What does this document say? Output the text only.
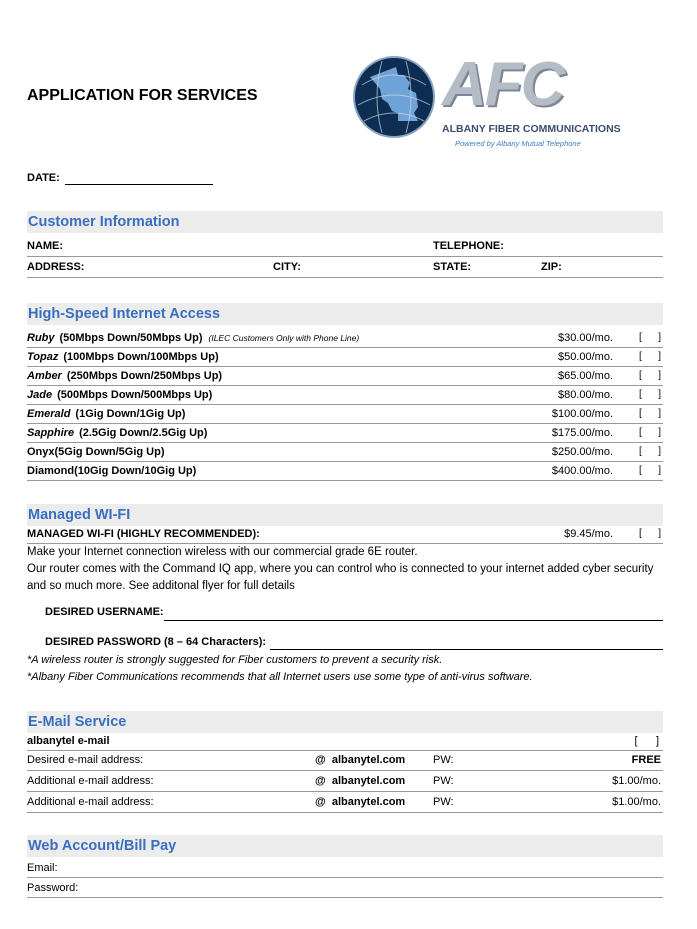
APPLICATION FOR SERVICES	AFC
ALBANY FIBER COMMUNICATIONS
Powered by Albany Mutual Telephone
DATE:
Customer Information
NAME:	TELEPHONE:
ADDRESS:	CITY:	STATE:	ZIP:
High-Speed Internet Access
Ruby (50Mbps Down/50Mbps Up) (ILEC Customers Only with Phone Line)	$30.00/mo.	[ ]
Topaz (100Mbps Down/100Mbps Up)	$50.00/mo.	[ ]
Amber (250Mbps Down/250Mbps Up)	$65.00/mo.	[ ]
Jade (500Mbps Down/500Mbps Up)	$80.00/mo.	[ ]
Emerald (1Gig Down/1Gig Up)	$100.00/mo.	[ ]
Sapphire (2.5Gig Down/2.5Gig Up)	$175.00/mo.	[ ]
Onyx(5Gig Down/5Gig Up)	$250.00/mo.	[ ]
Diamond(10Gig Down/10Gig Up)	$400.00/mo.	[ ]
Managed WI-FI
MANAGED WI-FI (HIGHLY RECOMMENDED):	$9.45/mo.	[ ]
Make your Internet connection wireless with our commercial grade 6E router.
Our router comes with the Command IQ app, where you can control who is connected to your internet added cyber security and so much more. See additonal flyer for full details
DESIRED USERNAME:
DESIRED PASSWORD (8 – 64 Characters):
*A wireless router is strongly suggested for Fiber customers to prevent a security risk.
*Albany Fiber Communications recommends that all Internet users use some type of anti-virus software.
E-Mail Service
albanytel e-mail	[      ]
Desired e-mail address:	@  albanytel.com	PW:	FREE
Additional e-mail address:	@  albanytel.com	PW:	$1.00/mo.
Additional e-mail address:	@  albanytel.com	PW:	$1.00/mo.
Web Account/Bill Pay
Email:
Password:
